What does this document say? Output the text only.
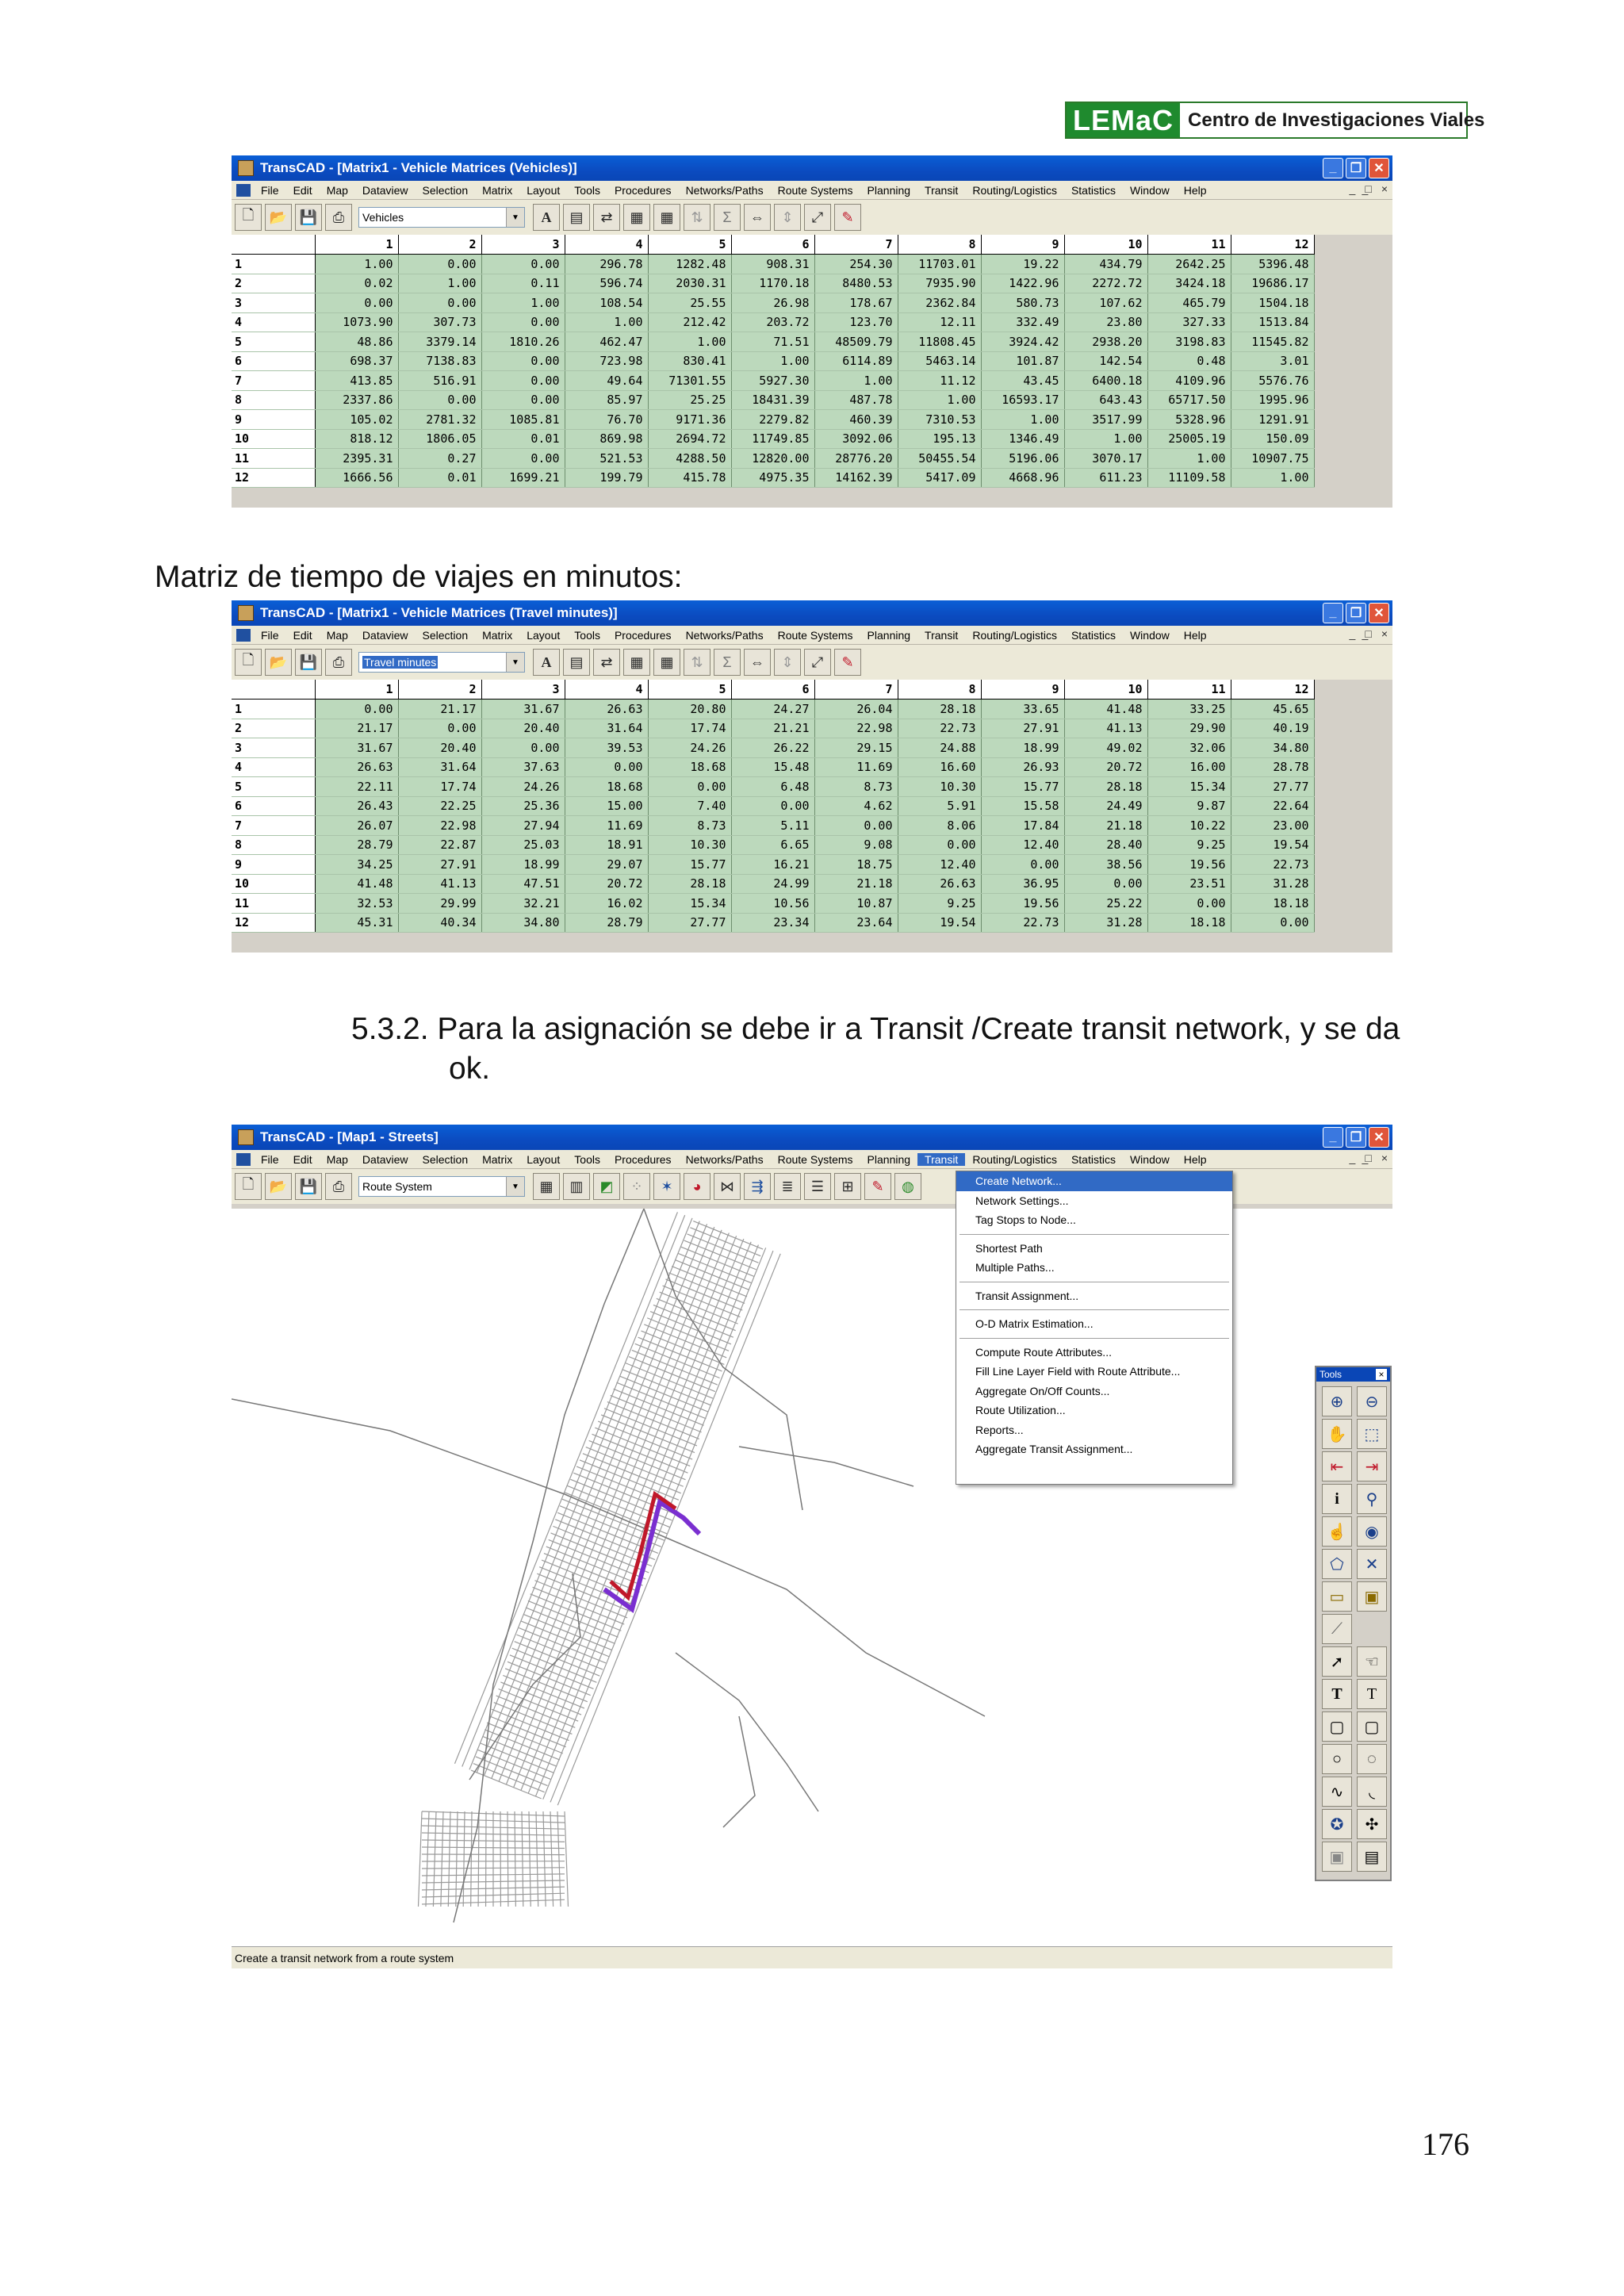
LEMaC Centro de Investigaciones Viales
TransCAD - [Matrix1 - Vehicle Matrices (Vehicles)]	_	❐ ✕
File	Edit	Map	Dataview	Selection	Matrix	Layout	Tools	Procedures	Networks/Paths	Route Systems	Planning	Transit	Routing/Logistics	Statistics	Window	Help	_ ̲□ ×
🗋	📂 💾	⎙	Vehicles	▼	A	▤	⇄	▦	▦	⇅	Σ	⇔	⇕	⤢	✎
	1	2	3	4	5	6	7	8	9	10	11	12
1	1.00	0.00	0.00	296.78	1282.48	908.31	254.30	11703.01	19.22	434.79	2642.25	5396.48
2	0.02	1.00	0.11	596.74	2030.31	1170.18	8480.53	7935.90	1422.96	2272.72	3424.18	19686.17
3	0.00	0.00	1.00	108.54	25.55	26.98	178.67	2362.84	580.73	107.62	465.79	1504.18
4	1073.90	307.73	0.00	1.00	212.42	203.72	123.70	12.11	332.49	23.80	327.33	1513.84
5	48.86	3379.14	1810.26	462.47	1.00	71.51	48509.79	11808.45	3924.42	2938.20	3198.83	11545.82
6	698.37	7138.83	0.00	723.98	830.41	1.00	6114.89	5463.14	101.87	142.54	0.48	3.01
7	413.85	516.91	0.00	49.64	71301.55	5927.30	1.00	11.12	43.45	6400.18	4109.96	5576.76
8	2337.86	0.00	0.00	85.97	25.25	18431.39	487.78	1.00	16593.17	643.43	65717.50	1995.96
9	105.02	2781.32	1085.81	76.70	9171.36	2279.82	460.39	7310.53	1.00	3517.99	5328.96	1291.91
10	818.12	1806.05	0.01	869.98	2694.72	11749.85	3092.06	195.13	1346.49	1.00	25005.19	150.09
11	2395.31	0.27	0.00	521.53	4288.50	12820.00	28776.20	50455.54	5196.06	3070.17	1.00	10907.75
12	1666.56	0.01	1699.21	199.79	415.78	4975.35	14162.39	5417.09	4668.96	611.23	11109.58	1.00
Matriz de tiempo de viajes en minutos:
TransCAD - [Matrix1 - Vehicle Matrices (Travel minutes)]	_	❐ ✕
File	Edit	Map	Dataview	Selection	Matrix	Layout	Tools	Procedures	Networks/Paths	Route Systems	Planning	Transit	Routing/Logistics	Statistics	Window	Help	_ ̲□ ×
🗋	📂 💾	⎙	Travel minutes	▼	A	▤	⇄	▦	▦	⇅	Σ	⇔	⇕	⤢	✎
	1	2	3	4	5	6	7	8	9	10	11	12
1	0.00	21.17	31.67	26.63	20.80	24.27	26.04	28.18	33.65	41.48	33.25	45.65
2	21.17	0.00	20.40	31.64	17.74	21.21	22.98	22.73	27.91	41.13	29.90	40.19
3	31.67	20.40	0.00	39.53	24.26	26.22	29.15	24.88	18.99	49.02	32.06	34.80
4	26.63	31.64	37.63	0.00	18.68	15.48	11.69	16.60	26.93	20.72	16.00	28.78
5	22.11	17.74	24.26	18.68	0.00	6.48	8.73	10.30	15.77	28.18	15.34	27.77
6	26.43	22.25	25.36	15.00	7.40	0.00	4.62	5.91	15.58	24.49	9.87	22.64
7	26.07	22.98	27.94	11.69	8.73	5.11	0.00	8.06	17.84	21.18	10.22	23.00
8	28.79	22.87	25.03	18.91	10.30	6.65	9.08	0.00	12.40	28.40	9.25	19.54
9	34.25	27.91	18.99	29.07	15.77	16.21	18.75	12.40	0.00	38.56	19.56	22.73
10	41.48	41.13	47.51	20.72	28.18	24.99	21.18	26.63	36.95	0.00	23.51	31.28
11	32.53	29.99	32.21	16.02	15.34	10.56	10.87	9.25	19.56	25.22	0.00	18.18
12	45.31	40.34	34.80	28.79	27.77	23.34	23.64	19.54	22.73	31.28	18.18	0.00
5.3.2. Para la asignación se debe ir a Transit /Create transit network, y se da
ok.
TransCAD - [Map1 - Streets]	_	❐ ✕
File	Edit	Map	Dataview	Selection	Matrix	Layout	Tools	Procedures	Networks/Paths	Route Systems	Planning	Transit	Routing/Logistics	Statistics	Window	Help	_ ̲□ ×
🗋	📂 💾	⎙	Route System	▼	▦	▥	◩	⁘	✶	◕	⋈	⇶	≣	☰	⊞	✎	◍
Tools	×
⊕	⊖
✋	⬚
⇤	⇥
i	⚲
☝	◉
⬠	✕
▭	▣
⟋
➚	☜
T	T
▢	▢
○	◌
∿	◟
✪	✣
▣	▤
Create Network...
Network Settings...
Tag Stops to Node...
Shortest Path
Multiple Paths...
Transit Assignment...
O-D Matrix Estimation...
Compute Route Attributes...
Fill Line Layer Field with Route Attribute...
Aggregate On/Off Counts...
Route Utilization...
Reports...
Aggregate Transit Assignment...
Create a transit network from a route system
176
